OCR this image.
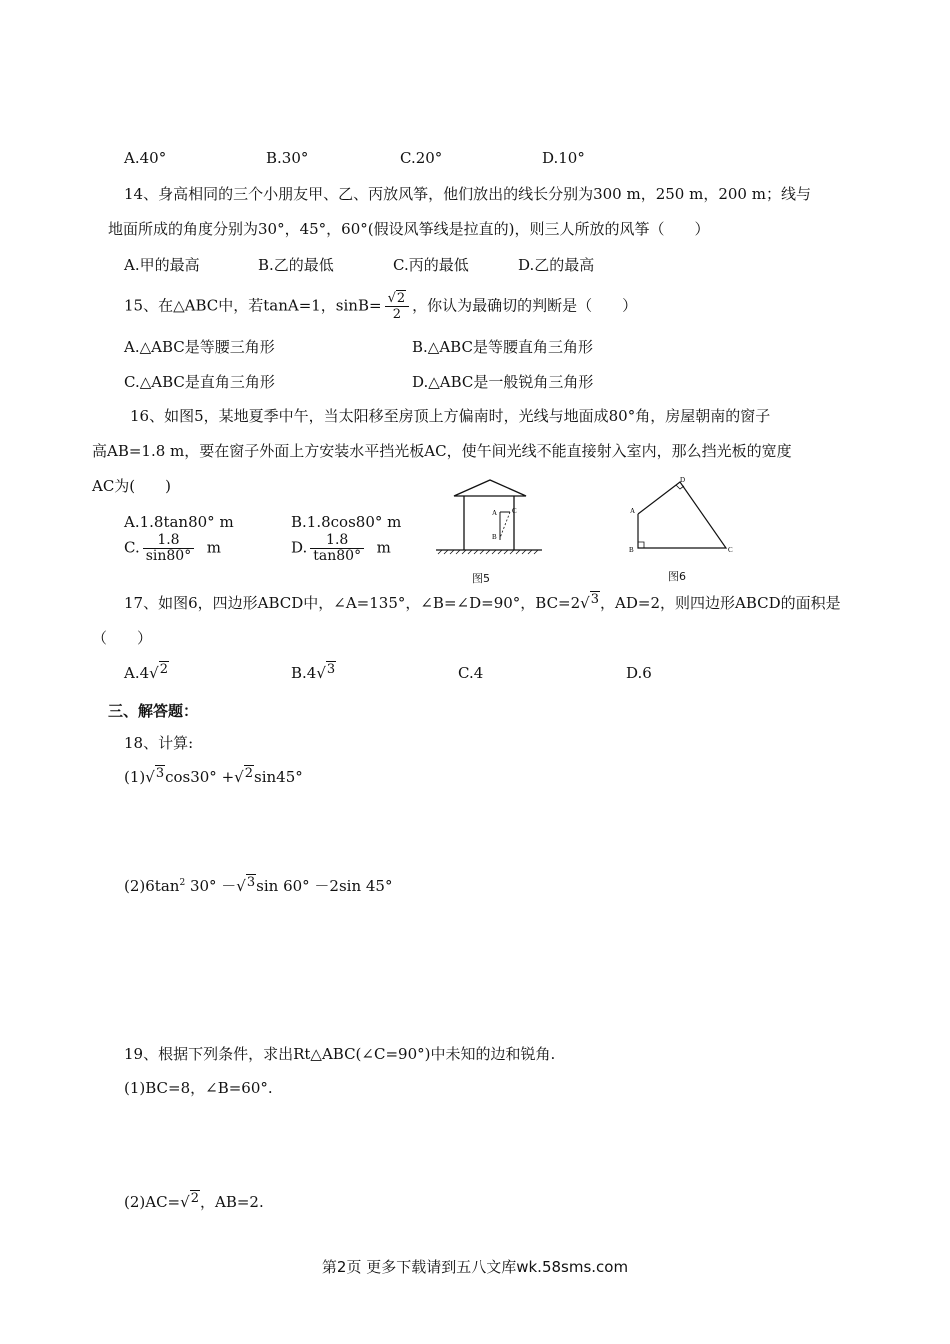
A.40°	B.30°	C.20°	D.10°
14、身高相同的三个小朋友甲、乙、丙放风筝，他们放出的线长分别为300 m，250 m，200 m；线与
地面所成的角度分别为30°，45°，60°(假设风筝线是拉直的)，则三人所放的风筝（　　）
A.甲的最高	B.乙的最低	C.丙的最低	D.乙的最高
15、在△ABC中，若tanA=1，$\sin B= \frac{√2}{2}$ ，你认为最确切的判断是（　　）
A.△ABC是等腰三角形	B.△ABC是等腰直角三角形
C.△ABC是直角三角形	D.△ABC是一般锐角三角形
16、如图5，某地夏季中午，当太阳移至房顶上方偏南时，光线与地面成80°角，房屋朝南的窗子
高AB=1.8 m，要在窗子外面上方安装水平挡光板AC，使午间光线不能直接射入室内，那么挡光板的宽度
AC为(　　)
A.1.8tan80° m	B.1.8cos80° m
C. $\frac{1.8}{\sin 80^\circ}$ m	D. $\frac{1.8}{\tan 80^\circ}$ m
A C
B
图5
A
B	C
D
图6
17、如图6，四边形ABCD中，∠A=135°，∠B=∠D=90°，BC=2√3，AD=2，则四边形ABCD的面积是
（　　）
A.4√2	B.4√3	C.4	D.6
三、解答题：
18、计算:
(1)√3cos30° +√2sin45°
$(2)6\tan^2$ 30° －√3sin 60° －2sin 45°
19、根据下列条件，求出Rt△ABC(∠C=90°)中未知的边和锐角.
(1)BC=8，∠B=60°.
(2)AC=√2，AB=2.
第2页 更多下载请到五八文库wk.58sms.com
